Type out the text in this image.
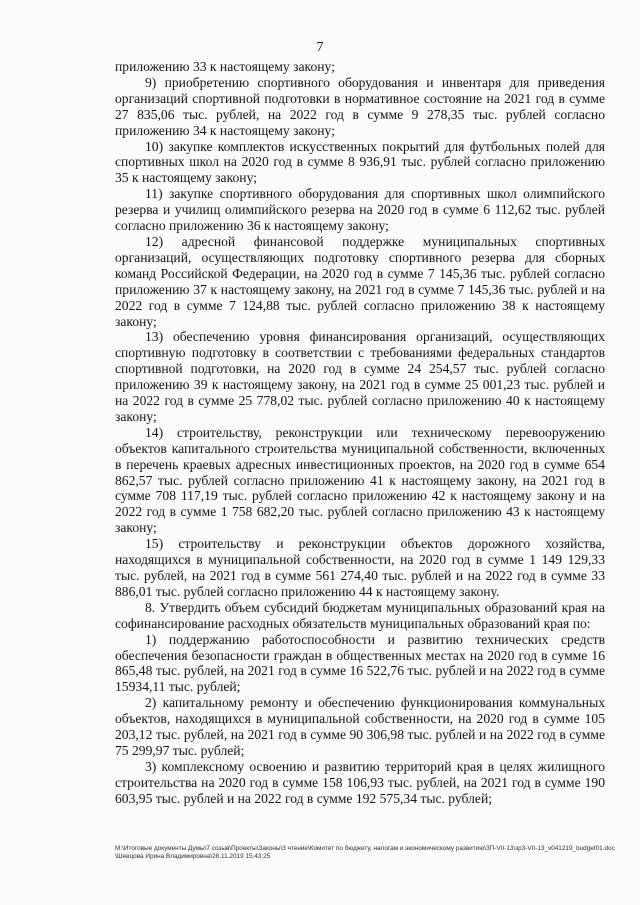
7

приложению 33 к настоящему закону;

9) приобретению спортивного оборудования и инвентаря для приведения организаций спортивной подготовки в нормативное состояние на 2021 год в сумме 27 835,06 тыс. рублей, на 2022 год в сумме 9 278,35 тыс. рублей согласно приложению 34 к настоящему закону;

10) закупке комплектов искусственных покрытий для футбольных полей для спортивных школ на 2020 год в сумме 8 936,91 тыс. рублей согласно приложению 35 к настоящему закону;

11) закупке спортивного оборудования для спортивных школ олимпийского резерва и училищ олимпийского резерва на 2020 год в сумме 6 112,62 тыс. рублей согласно приложению 36 к настоящему закону;

12) адресной финансовой поддержке муниципальных спортивных организаций, осуществляющих подготовку спортивного резерва для сборных команд Российской Федерации, на 2020 год в сумме 7 145,36 тыс. рублей согласно приложению 37 к настоящему закону, на 2021 год в сумме 7 145,36 тыс. рублей и на 2022 год в сумме 7 124,88 тыс. рублей согласно приложению 38 к настоящему закону;

13) обеспечению уровня финансирования организаций, осуществляющих спортивную подготовку в соответствии с требованиями федеральных стандартов спортивной подготовки, на 2020 год в сумме 24 254,57 тыс. рублей согласно приложению 39 к настоящему закону, на 2021 год в сумме 25 001,23 тыс. рублей и на 2022 год в сумме 25 778,02 тыс. рублей согласно приложению 40 к настоящему закону;

14) строительству, реконструкции или техническому перевооружению объектов капитального строительства муниципальной собственности, включенных в перечень краевых адресных инвестиционных проектов, на 2020 год в сумме 654 862,57 тыс. рублей согласно приложению 41 к настоящему закону, на 2021 год в сумме 708 117,19 тыс. рублей согласно приложению 42 к настоящему закону и на 2022 год в сумме 1 758 682,20 тыс. рублей согласно приложению 43 к настоящему закону;

15) строительству и реконструкции объектов дорожного хозяйства, находящихся в муниципальной собственности, на 2020 год в сумме 1 149 129,33 тыс. рублей, на 2021 год в сумме 561 274,40 тыс. рублей и на 2022 год в сумме 33 886,01 тыс. рублей согласно приложению 44 к настоящему закону.

8. Утвердить объем субсидий бюджетам муниципальных образований края на софинансирование расходных обязательств муниципальных образований края по:

1) поддержанию работоспособности и развитию технических средств обеспечения безопасности граждан в общественных местах на 2020 год в сумме 16 865,48 тыс. рублей, на 2021 год в сумме 16 522,76 тыс. рублей и на 2022 год в сумме 15934,11 тыс. рублей;

2) капитальному ремонту и обеспечению функционирования коммунальных объектов, находящихся в муниципальной собственности, на 2020 год в сумме 105 203,12 тыс. рублей, на 2021 год в сумме 90 306,98 тыс. рублей и на 2022 год в сумме 75 299,97 тыс. рублей;

3) комплексному освоению и развитию территорий края в целях жилищного строительства на 2020 год в сумме 158 106,93 тыс. рублей, на 2021 год в сумме 190 603,95 тыс. рублей и на 2022 год в сумме 192 575,34 тыс. рублей;

М:\Итоговые документы Думы\7 созыв\Проекты\Законы\3 чтение\Комитет по бюджету, налогам и экономическому развитию\ЗП-VII-13\зр3-VII-13_v041219_budget01.doc\Шевцова Ирина Владимировна\28.11.2019 15:43:25
